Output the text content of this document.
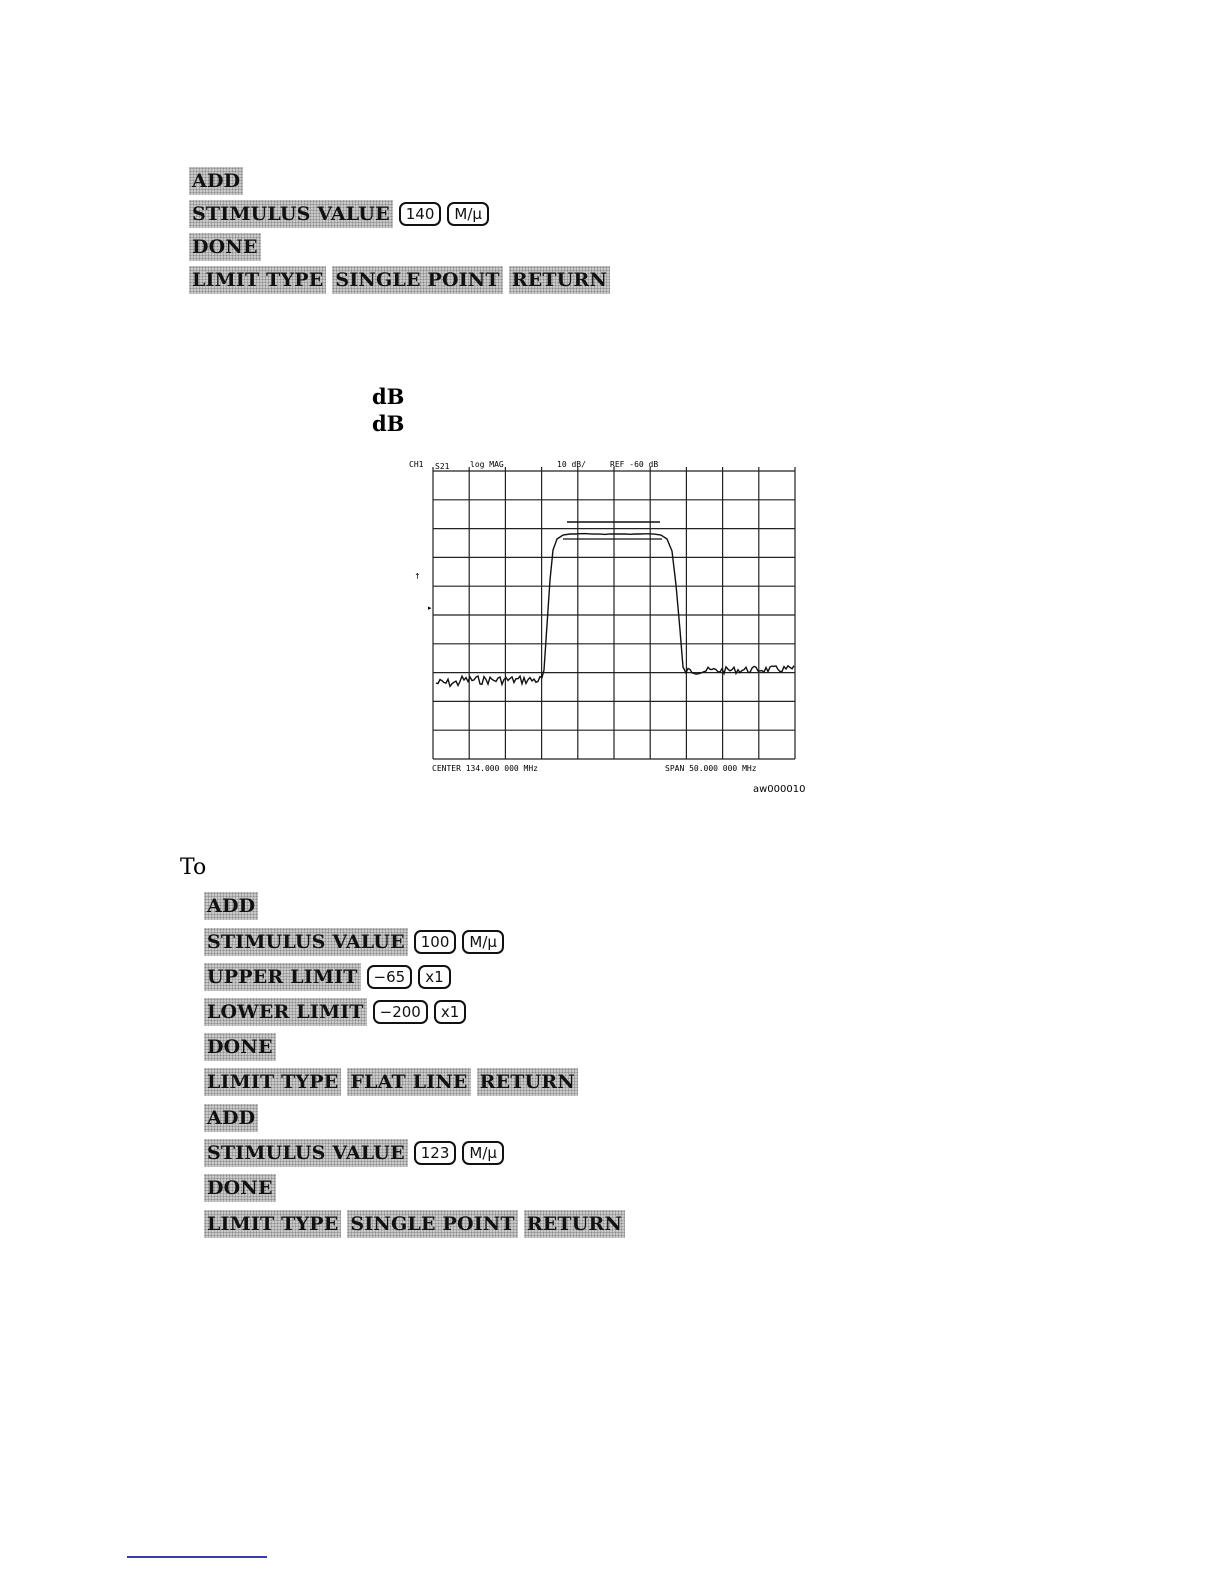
ADD
STIMULUS VALUE	140	M/μ
DONE
LIMIT TYPE SINGLE POINT RETURN
dB
dB
CH1 S21	log MAG	10 dB/	REF -60 dB
↑
▸
CENTER 134.000 000 MHz	SPAN 50.000 000 MHz
aw000010
To
ADD
STIMULUS VALUE	100	M/μ
UPPER LIMIT	−65	x1
LOWER LIMIT	−200	x1
DONE
LIMIT TYPE FLAT LINE RETURN
ADD
STIMULUS VALUE	123	M/μ
DONE
LIMIT TYPE SINGLE POINT RETURN
